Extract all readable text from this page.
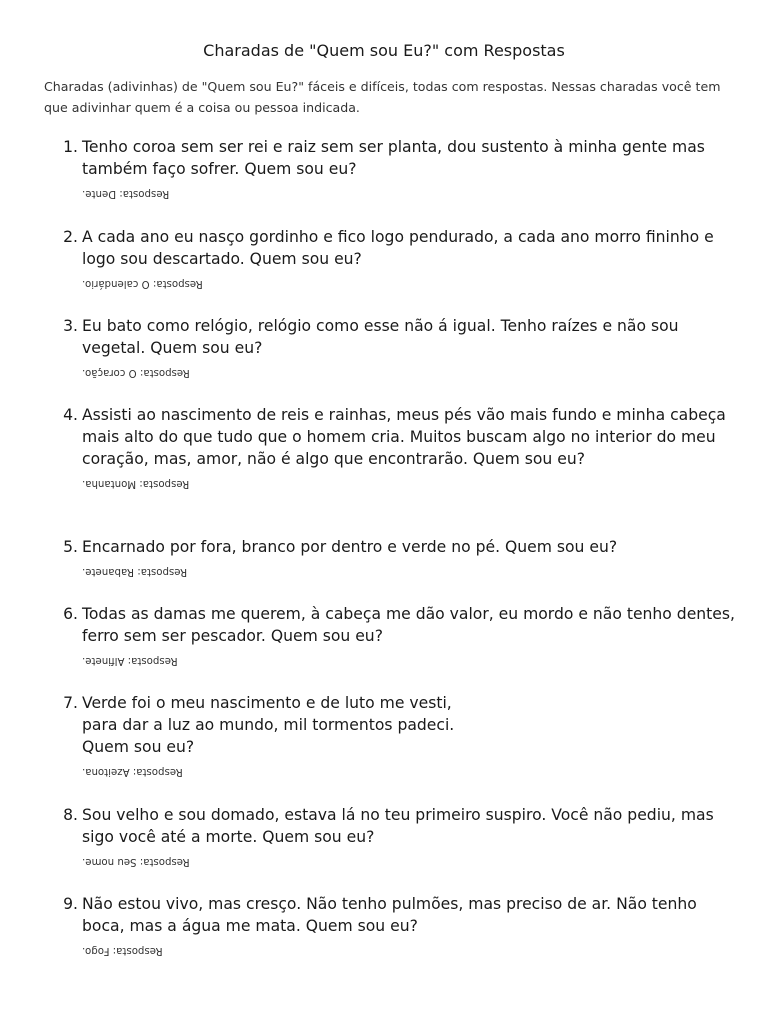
Charadas de "Quem sou Eu?" com Respostas
Charadas (adivinhas) de "Quem sou Eu?" fáceis e difíceis, todas com respostas. Nessas charadas você tem que adivinhar quem é a coisa ou pessoa indicada.
1. Tenho coroa sem ser rei e raiz sem ser planta, dou sustento à minha gente mas também faço sofrer. Quem sou eu?
Resposta: Dente.
2. A cada ano eu nasço gordinho e fico logo pendurado, a cada ano morro fininho e logo sou descartado. Quem sou eu?
Resposta: O calendário.
3. Eu bato como relógio, relógio como esse não á igual. Tenho raízes e não sou vegetal. Quem sou eu?
Resposta: O coração.
4. Assisti ao nascimento de reis e rainhas, meus pés vão mais fundo e minha cabeça mais alto do que tudo que o homem cria. Muitos buscam algo no interior do meu coração, mas, amor, não é algo que encontrarão. Quem sou eu?
Resposta: Montanha.
5. Encarnado por fora, branco por dentro e verde no pé. Quem sou eu?
Resposta: Rabanete.
6. Todas as damas me querem, à cabeça me dão valor, eu mordo e não tenho dentes, ferro sem ser pescador. Quem sou eu?
Resposta: Alfinete.
7. Verde foi o meu nascimento e de luto me vesti,
para dar a luz ao mundo, mil tormentos padeci.
Quem sou eu?
Resposta: Azeitona.
8. Sou velho e sou domado, estava lá no teu primeiro suspiro. Você não pediu, mas sigo você até a morte. Quem sou eu?
Resposta: Seu nome.
9. Não estou vivo, mas cresço. Não tenho pulmões, mas preciso de ar. Não tenho boca, mas a água me mata. Quem sou eu?
Resposta: Fogo.
